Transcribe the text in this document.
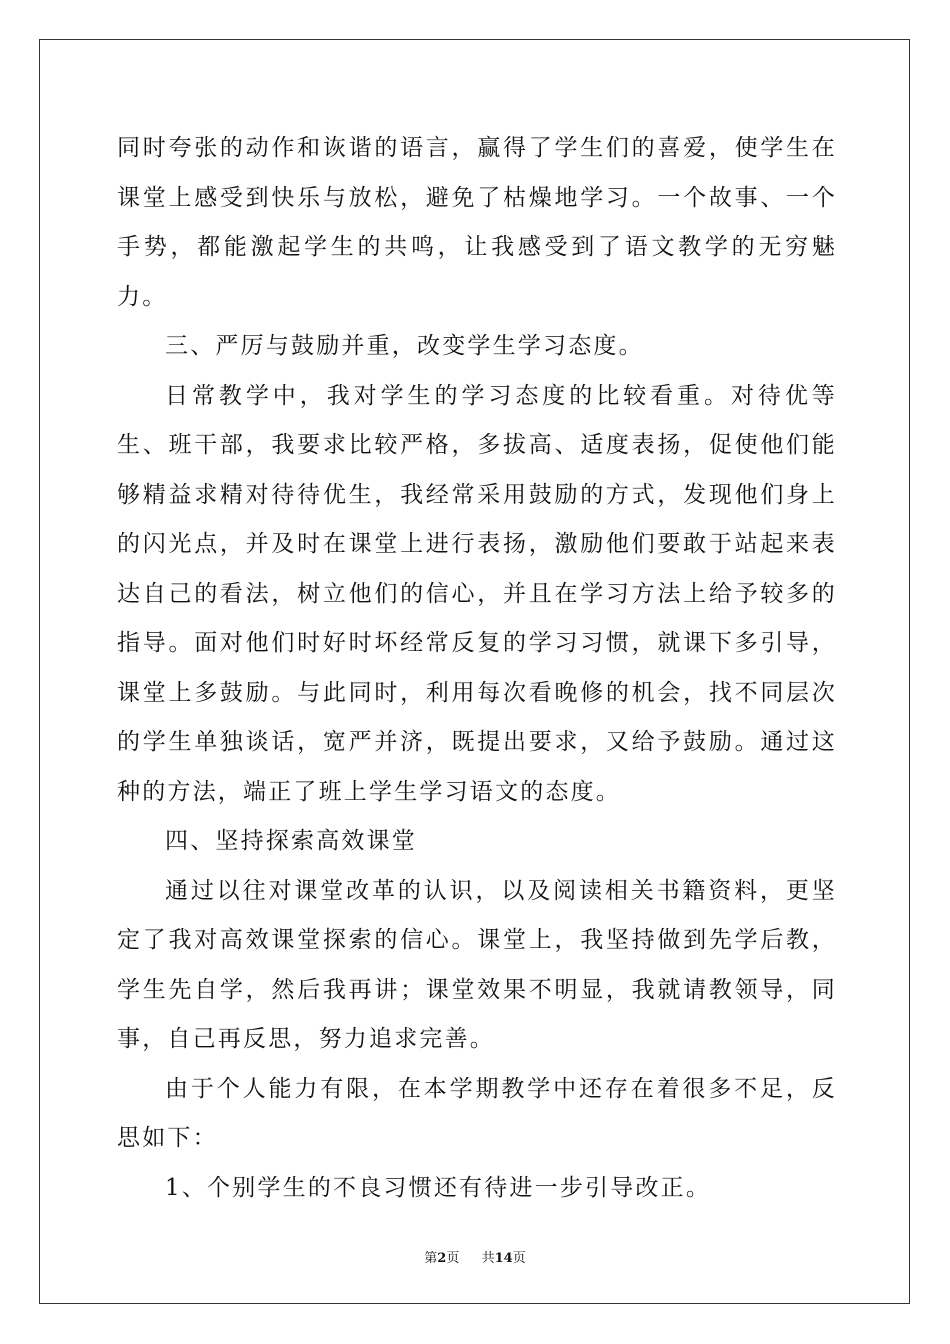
同时夸张的动作和诙谐的语言，赢得了学生们的喜爱，使学生在课堂上感受到快乐与放松，避免了枯燥地学习。一个故事、一个手势，都能激起学生的共鸣，让我感受到了语文教学的无穷魅力。

三、严厉与鼓励并重，改变学生学习态度。

日常教学中，我对学生的学习态度的比较看重。对待优等生、班干部，我要求比较严格，多拔高、适度表扬，促使他们能够精益求精对待待优生，我经常采用鼓励的方式，发现他们身上的闪光点，并及时在课堂上进行表扬，激励他们要敢于站起来表达自己的看法，树立他们的信心，并且在学习方法上给予较多的指导。面对他们时好时坏经常反复的学习习惯，就课下多引导，课堂上多鼓励。与此同时，利用每次看晚修的机会，找不同层次的学生单独谈话，宽严并济，既提出要求，又给予鼓励。通过这种的方法，端正了班上学生学习语文的态度。

四、坚持探索高效课堂

通过以往对课堂改革的认识，以及阅读相关书籍资料，更坚定了我对高效课堂探索的信心。课堂上，我坚持做到先学后教，学生先自学，然后我再讲；课堂效果不明显，我就请教领导，同事，自己再反思，努力追求完善。

由于个人能力有限，在本学期教学中还存在着很多不足，反思如下：

1、个别学生的不良习惯还有待进一步引导改正。

第2页 共14页
